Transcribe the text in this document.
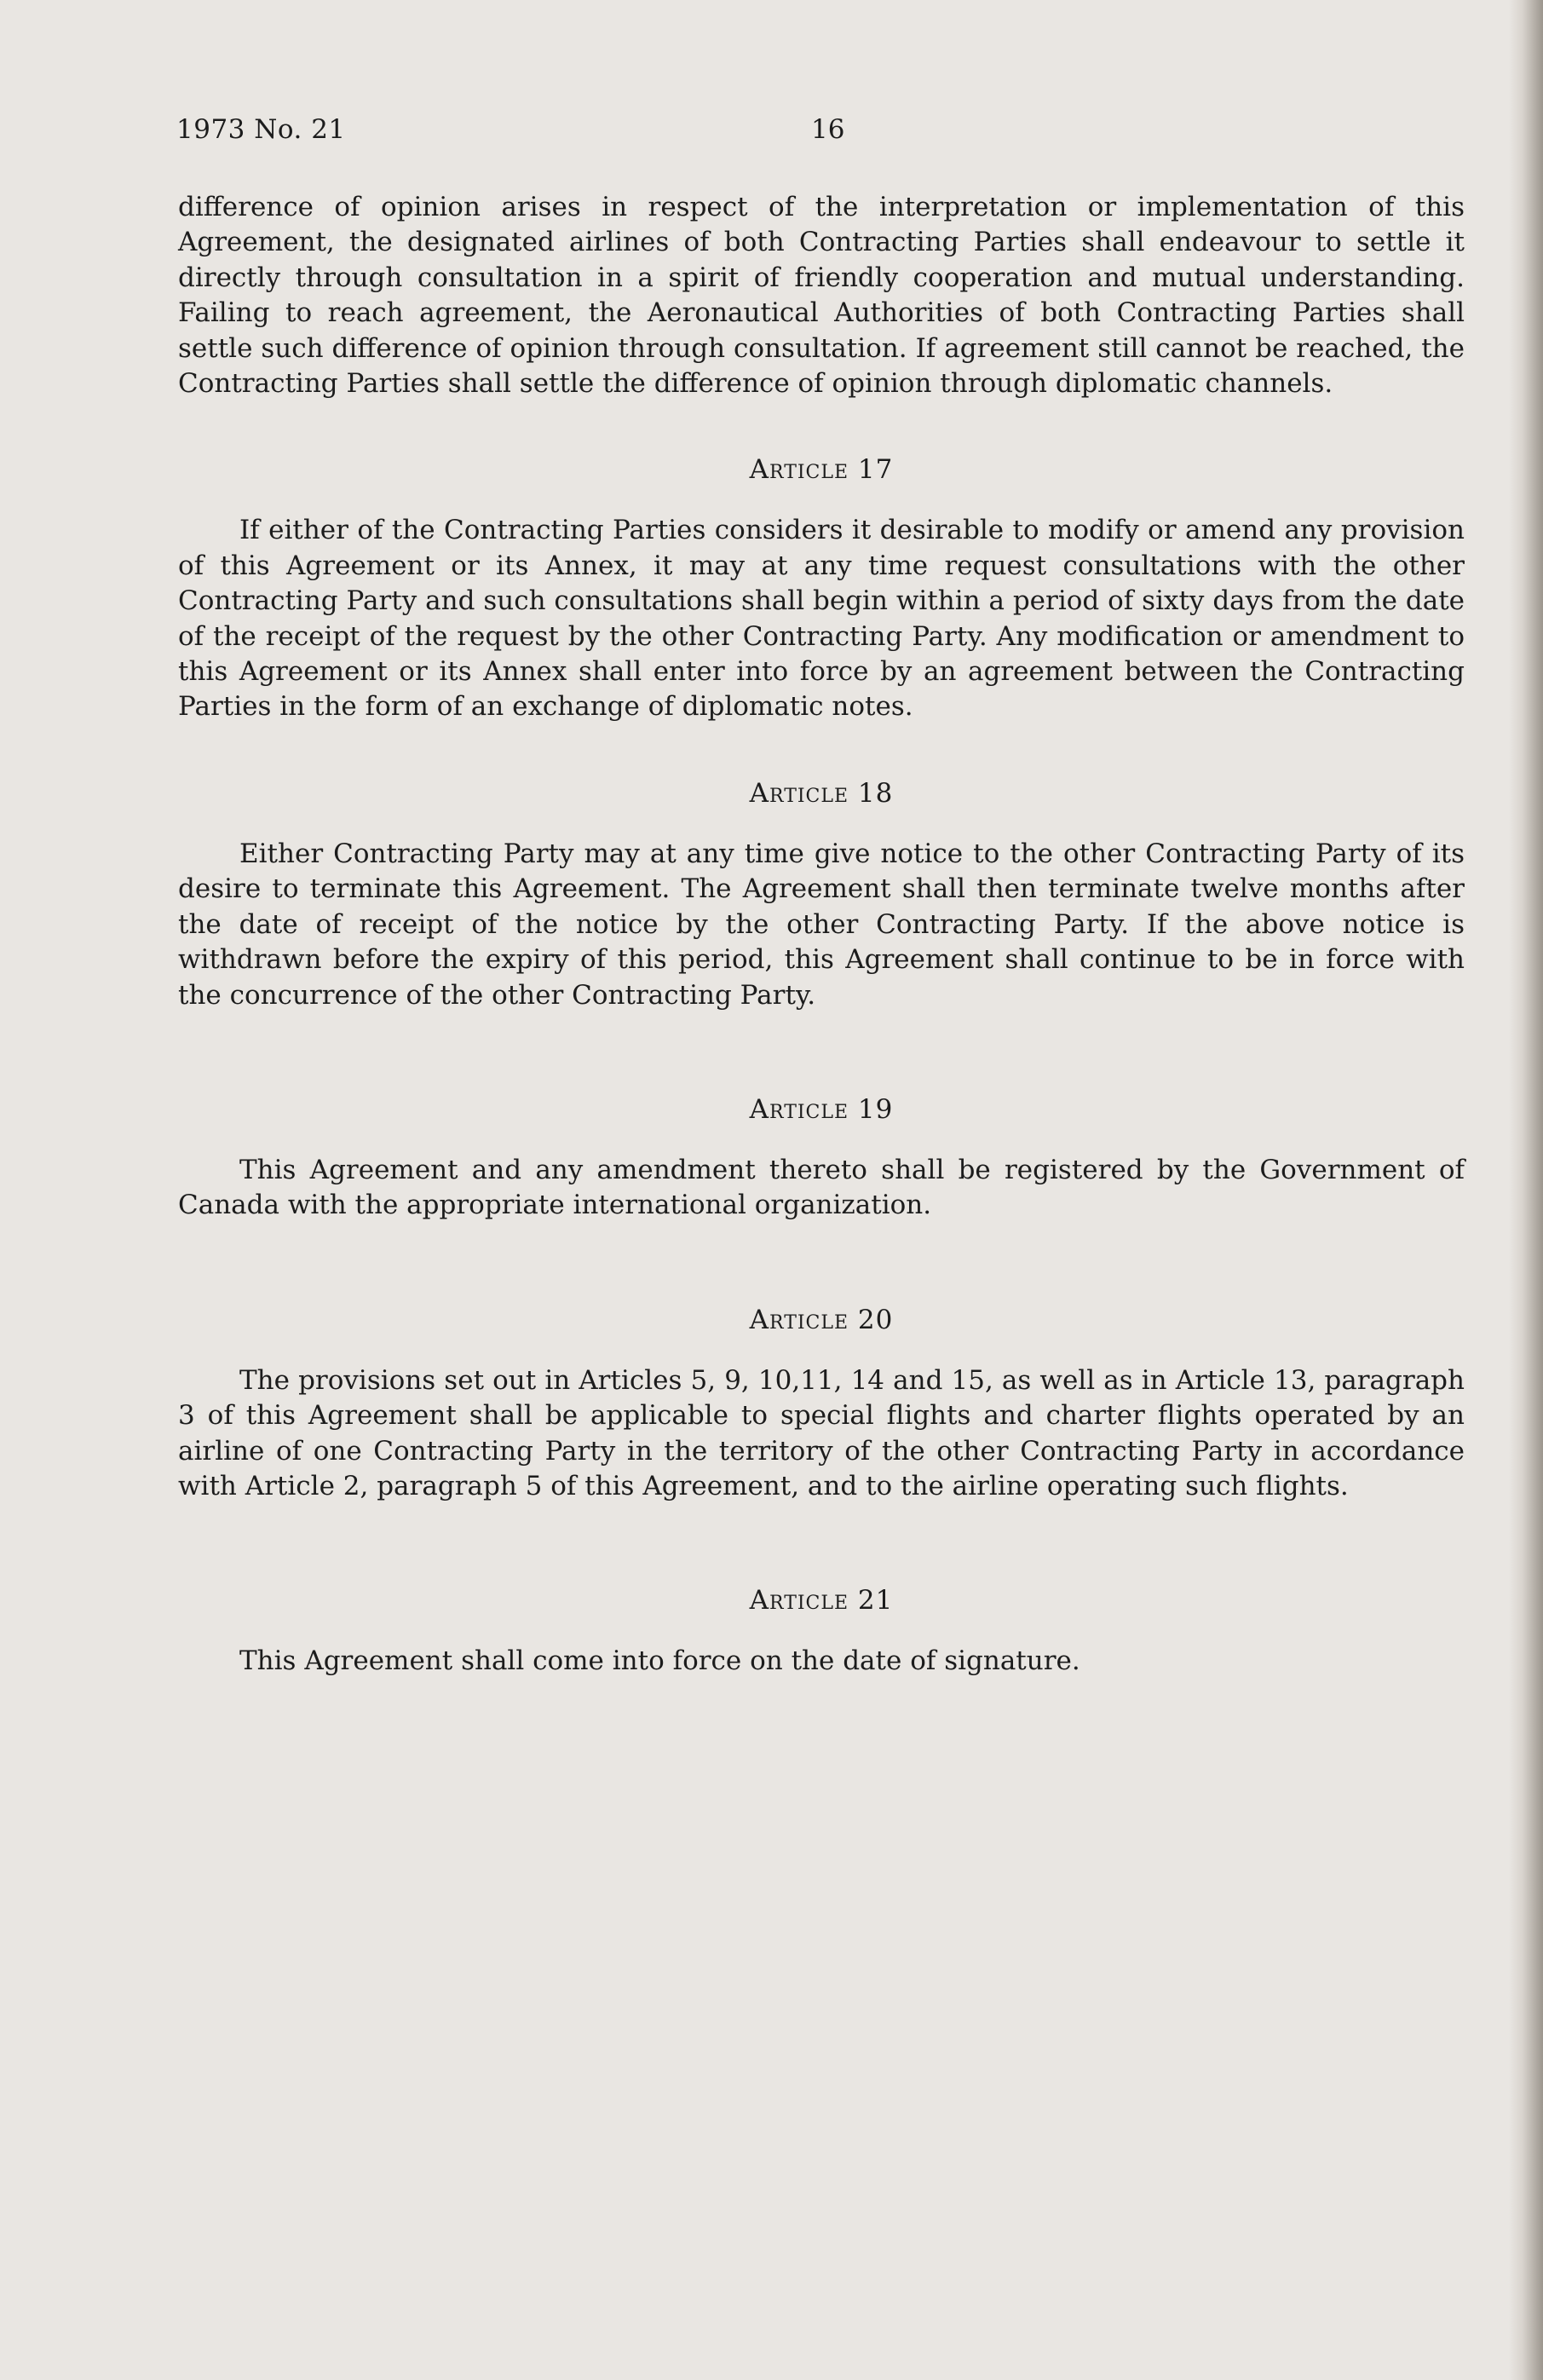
1973 No. 21	16

difference of opinion arises in respect of the interpretation or implementation of this Agreement, the designated airlines of both Contracting Parties shall endeavour to settle it directly through consultation in a spirit of friendly cooperation and mutual understanding. Failing to reach agreement, the Aeronautical Authorities of both Contracting Parties shall settle such difference of opinion through consultation. If agreement still cannot be reached, the Contracting Parties shall settle the difference of opinion through diplomatic channels.

Article 17

If either of the Contracting Parties considers it desirable to modify or amend any provision of this Agreement or its Annex, it may at any time request consultations with the other Contracting Party and such consultations shall begin within a period of sixty days from the date of the receipt of the request by the other Contracting Party. Any modification or amendment to this Agreement or its Annex shall enter into force by an agreement between the Contracting Parties in the form of an exchange of diplomatic notes.

Article 18

Either Contracting Party may at any time give notice to the other Contracting Party of its desire to terminate this Agreement. The Agreement shall then terminate twelve months after the date of receipt of the notice by the other Contracting Party. If the above notice is withdrawn before the expiry of this period, this Agreement shall continue to be in force with the concurrence of the other Contracting Party.

Article 19

This Agreement and any amendment thereto shall be registered by the Government of Canada with the appropriate international organization.

Article 20

The provisions set out in Articles 5, 9, 10,11, 14 and 15, as well as in Article 13, paragraph 3 of this Agreement shall be applicable to special flights and charter flights operated by an airline of one Contracting Party in the territory of the other Contracting Party in accordance with Article 2, paragraph 5 of this Agreement, and to the airline operating such flights.

Article 21

This Agreement shall come into force on the date of signature.
